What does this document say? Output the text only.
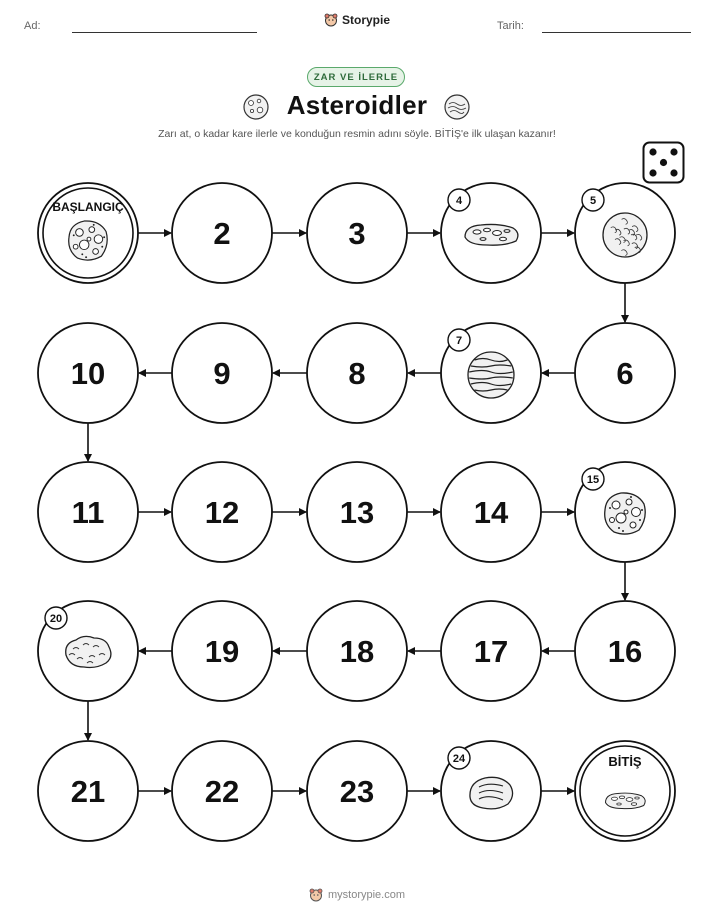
Ad:	Storypie	Tarih:
ZAR VE İLERLE
Asteroidler
Zarı at, o kadar kare ilerle ve konduğun resmin adını söyle. BİTİŞ'e ilk ulaşan kazanır!
BAŞLANGIÇ
2	3
4	5
6
7
8
9
10
11	12	13	14
15
16
17
18
19
20
21	22	23
24	BİTİŞ
mystorypie.com
